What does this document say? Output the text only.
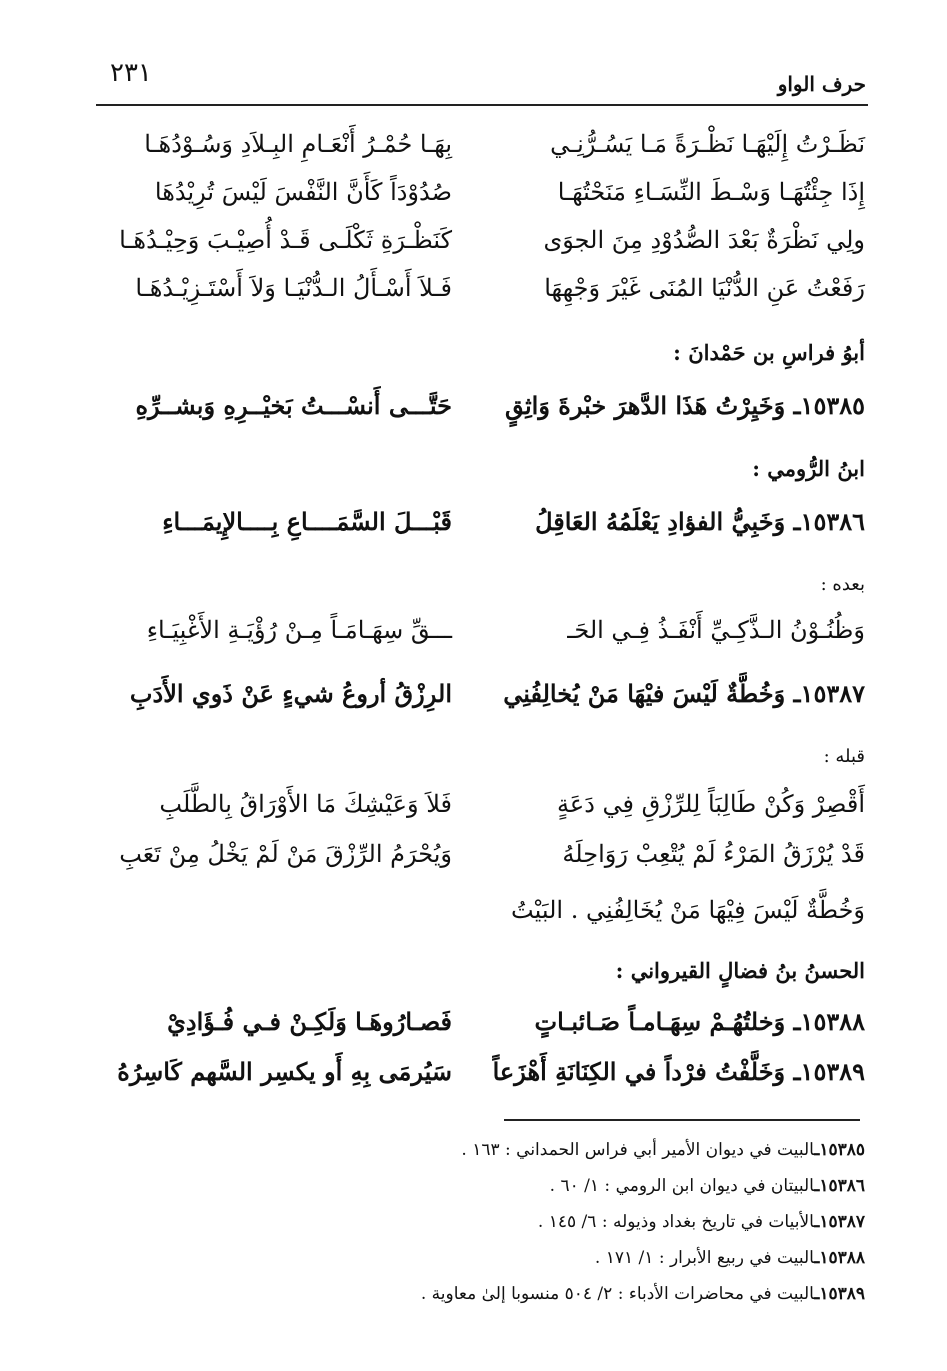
٢٣١	حرف الواو
نَظَـرْتُ إِلَيْهَـا نَظْـرَةً مَـا يَسُـرُّنِـي
بِهَـا حُمْـرُ أَنْعَـامِ البِـلاَدِ وَسُـوْدُهَـا
إِذَا جِئْتُهَـا وَسْـطَ النِّسَـاءِ مَنَحْتُهَـا
صُدُوْدَاً كَأَنَّ النَّفْسَ لَيْسَ تُرِيْدُهَا
ولِي نَظْرَةٌ بَعْدَ الصُّدُوْدِ مِنَ الجوَى
كَنَظْـرَةِ ثَكْلَـى قَـدْ أُصِيْـبَ وَحِيْـدُهَـا
رَفَعْتُ عَنِ الدُّنْيَا المُنَى غَيْرَ وَجْهِهَا
فَـلاَ أَسْـأَلُ الـدُّنْيَـا وَلاَ أَسْتَـزِيْـدُهَـا
أبوُ فراسِ بن حَمْدانَ :
١٥٣٨٥ـ وَخَيِرْتُ هَذَا الدَّهرَ خبْرةَ وَاثِقٍ
حَتَّـــى أَنسْـــتُ بَخيْــرِهِ وَبشــرِّهِ
ابنُ الرُّومي :
١٥٣٨٦ـ وَخَبِيُّ الفؤادِ يَعْلَمُهُ العَاقِلُ
قَبْـــلَ السَّمَــــاعِ بِــــالإِيمَـــاءِ
بعده :
وَظُنُـوْنُ الـذَّكِـيِّ أَنْفَـذُ فِـي الحَـ
ـــقِّ سِهَـامَـاً مِـنْ رُؤْيَـةِ الأَغْبِيَـاءِ
١٥٣٨٧ـ وَخُطَّةٌ لَيْسَ فيْهَا مَنْ يُخالِفُنِي
الرِزْقُ أروعُ شيءٍ عَنْ ذَوي الأَدَبِ
قبله :
أَقْصِرْ وَكُنْ طَالِبَاً لِلرِّزْقِ فِي دَعَةٍ
فَلاَ وَعَيْشِكَ مَا الأَوْرَاقُ بِالطَّلَبِ
قَدْ يُرْزَقُ المَرْءُ لَمْ يُتْعِبْ رَوَاحِلَهُ
وَيُحْرَمُ الرِّزْقَ مَنْ لَمْ يَخْلُ مِنْ تَعَبِ
وَخُطَّةٌ لَيْسَ فِيْهَا مَنْ يُخَالِفُنِي . البَيْتُ
الحسنُ بنُ فضالٍ القيرواني :
١٥٣٨٨ـ وَخلتُهُـمْ سِهَـامـاً صَـائبـاتٍ
فَصـارُوهَـا وَلَكِـنْ فـي فُـؤَادِيْ
١٥٣٨٩ـ وَخَلَّفْتُ فرْداً في الكِنَانَةِ أَهْزَعاً
سَيُرمَى بِهِ أَو يكسِر السَّهم كَاسِرُهُ
١٥٣٨٥ـالبيت في ديوان الأمير أبي فراس الحمداني : ١٦٣ .
١٥٣٨٦ـالبيتان في ديوان ابن الرومي : ١/ ٦٠ .
١٥٣٨٧ـالأبيات في تاريخ بغداد وذيوله : ٦/ ١٤٥ .
١٥٣٨٨ـالبيت في ربيع الأبرار : ١/ ١٧١ .
١٥٣٨٩ـالبيت في محاضرات الأدباء : ٢/ ٥٠٤ منسوبا إلىٰ معاوية .
